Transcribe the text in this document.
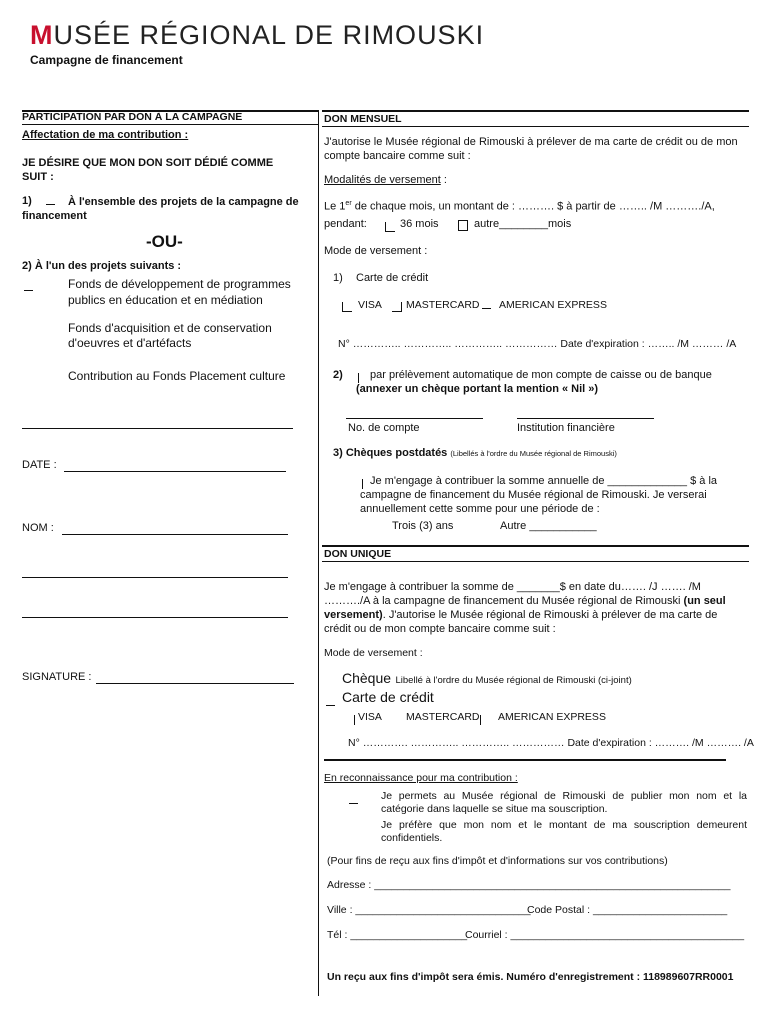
MUSÉE RÉGIONAL DE RIMOUSKI
Campagne de financement
PARTICIPATION PAR DON À LA CAMPAGNE
Affectation de ma contribution :
JE DÉSIRE QUE MON DON SOIT DÉDIÉ COMME SUIT :
1)	À l'ensemble des projets de la campagne de financement
-OU-
2) À l'un des projets suivants :
Fonds de développement de programmes publics en éducation et en médiation
Fonds d'acquisition et de conservation d'oeuvres et d'artéfacts
Contribution au Fonds Placement culture
DATE :
NOM :
SIGNATURE :
DON MENSUEL
J'autorise le Musée régional de Rimouski à prélever de ma carte de crédit ou de mon compte bancaire comme suit :
Modalités de versement :
Le 1er de chaque mois, un montant de : ………. $ à partir de …….. /M ………./A,
pendant:	36 mois	autre________mois
Mode de versement :
1) Carte de crédit
VISA MASTERCARD AMERICAN EXPRESS
N° ………….. ………….. ………….. …………… Date d'expiration : …….. /M ……… /A
2) par prélèvement automatique de mon compte de caisse ou de banque
(annexer un chèque portant la mention « Nil »)
No. de compte	Institution financière
3) Chèques postdatés (Libellés à l'ordre du Musée régional de Rimouski)
Je m'engage à contribuer la somme annuelle de _____________ $ à la campagne de financement du Musée régional de Rimouski. Je verserai annuellement cette somme pour une période de :
Trois (3) ans	Autre ___________
DON UNIQUE
Je m'engage à contribuer la somme de _______$ en date du……. /J ……. /M ………./A à la campagne de financement du Musée régional de Rimouski (un seul versement). J'autorise le Musée régional de Rimouski à prélever de ma carte de crédit ou de mon compte bancaire comme suit :
Mode de versement :
Chèque Libellé à l'ordre du Musée régional de Rimouski (ci-joint)
Carte de crédit
VISA MASTERCARD AMERICAN EXPRESS
N° …………. ………….. ………….. …………… Date d'expiration : ………. /M ………. /A
En reconnaissance pour ma contribution :
Je permets au Musée régional de Rimouski de publier mon nom et la catégorie dans laquelle se situe ma souscription.
Je préfère que mon nom et le montant de ma souscription demeurent confidentiels.
(Pour fins de reçu aux fins d'impôt et d'informations sur vos contributions)
Adresse : _____________________________________________________________
Ville : ______________________________
Code Postal : _______________________
Tél : ____________________
Courriel : ________________________________________
Un reçu aux fins d'impôt sera émis. Numéro d'enregistrement : 118989607RR0001
